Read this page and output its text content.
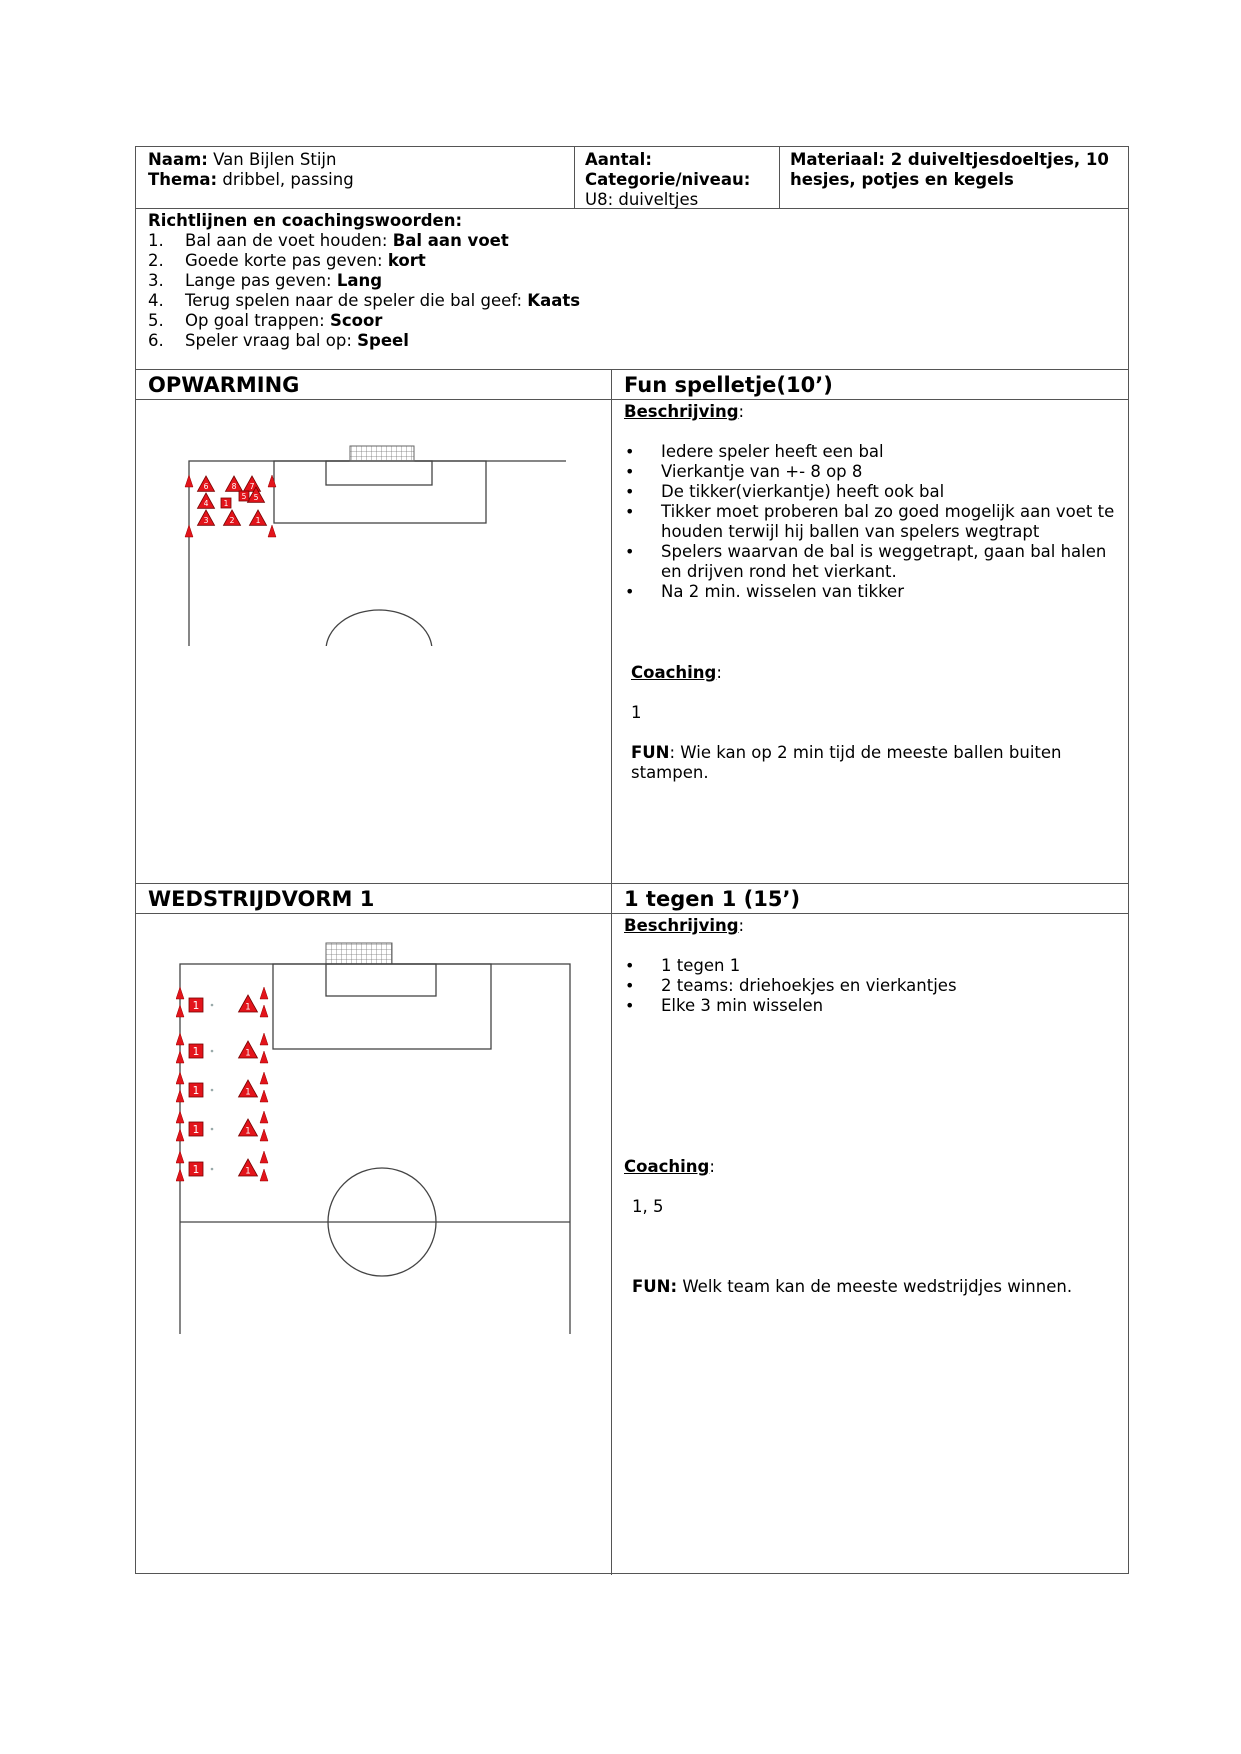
Naam: Van Bijlen Stijn
Thema: dribbel, passing
Aantal:
Categorie/niveau:
U8: duiveltjes
Materiaal: 2 duiveltjesdoeltjes, 10 hesjes, potjes en kegels
Richtlijnen en coachingswoorden:
1. Bal aan de voet houden: Bal aan voet
2. Goede korte pas geven: kort
3. Lange pas geven: Lang
4. Terug spelen naar de speler die bal geef: Kaats
5. Op goal trappen: Scoor
6. Speler vraag bal op: Speel
OPWARMING	Fun spelletje(10’)
Beschrijving:
• Iedere speler heeft een bal
• Vierkantje van +- 8 op 8
• De tikker(vierkantje) heeft ook bal
• Tikker moet proberen bal zo goed mogelijk aan voet te houden terwijl hij ballen van spelers wegtrapt
• Spelers waarvan de bal is weggetrapt, gaan bal halen en drijven rond het vierkant.
• Na 2 min. wisselen van tikker
Coaching:
1
FUN: Wie kan op 2 min tijd de meeste ballen buiten stampen.
6	8 7
4
5
3	2	1
1
5
WEDSTRIJDVORM 1	1 tegen 1 (15’)
Beschrijving:
• 1 tegen 1
• 2 teams: driehoekjes en vierkantjes
• Elke 3 min wisselen
Coaching:
1, 5
FUN: Welk team kan de meeste wedstrijdjes winnen.
1	1
1	1
1	1
1	1
1	1
